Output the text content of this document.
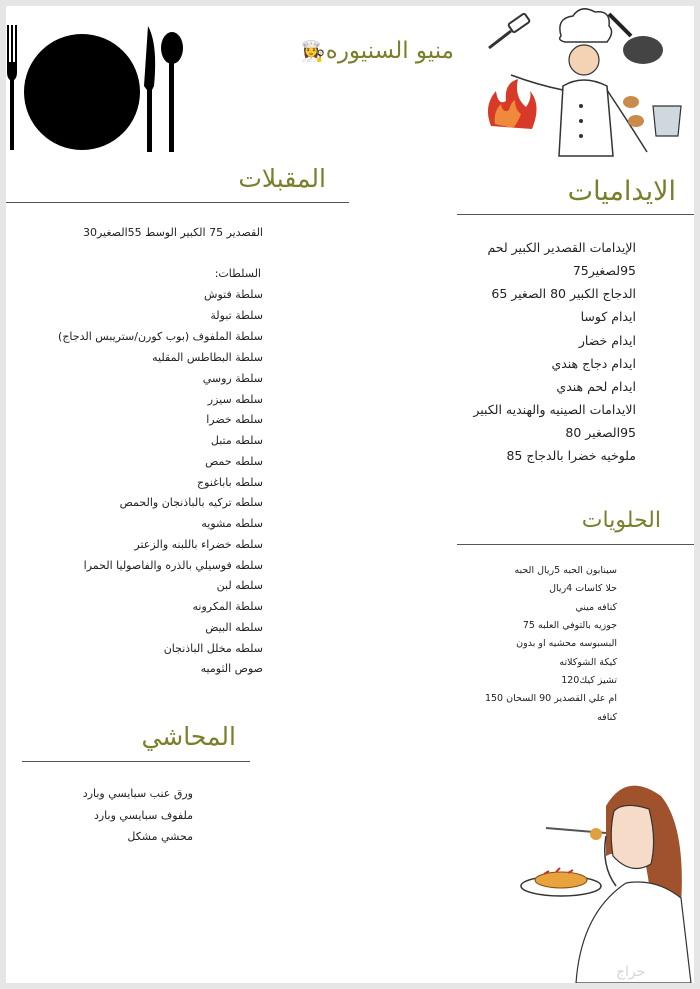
منيو السنيوره👩‍🍳
المقبلات
القصدير 75 الكبير الوسط 55الصغير30
السلطات:
سلطة فتوش
سلطة تبولة
سلطة الملفوف (بوب كورن/ستريبس الدجاج)
سلطة البطاطس المقليه
سلطة روسي
سلطه سيزر
سلطه خضرا
سلطه متبل
سلطه حمص
سلطه باباغنوج
سلطه تركيه بالباذنجان والحمص
سلطه مشويه
سلطه خضراء باللبنه والزعتر
سلطه فوسيلي بالذره والفاصوليا الحمرا
سلطه لبن
سلطة المكرونه
سلطه البيض
سلطه مخلل الباذنجان
صوص الثوميه
الايداميات
الإيدامات القصدير الكبير لحم
95لصغير75
الدجاج الكبير 80 الصغير 65
ايدام كوسا
ايدام خضار
ايدام دجاج هندي
ايدام لحم هندي
الايدامات الصينيه والهنديه الكبير
95الصغير 80
ملوخيه خضرا بالدجاج 85
الحلويات
سينابون الحبه 5ريال الحبه
حلا كاسات 4ريال
كنافه ميني
جوزيه بالتوفي العلبه 75
البسبوسه محشيه او بدون
كيكة الشوكلاته
تشيز كيك120
ام علي القصدير 90 السحان 150
كنافه
المحاشي
ورق عنب سبايسي وبارد
ملفوف سبايسي وبارد
محشي مشكل
حراج
